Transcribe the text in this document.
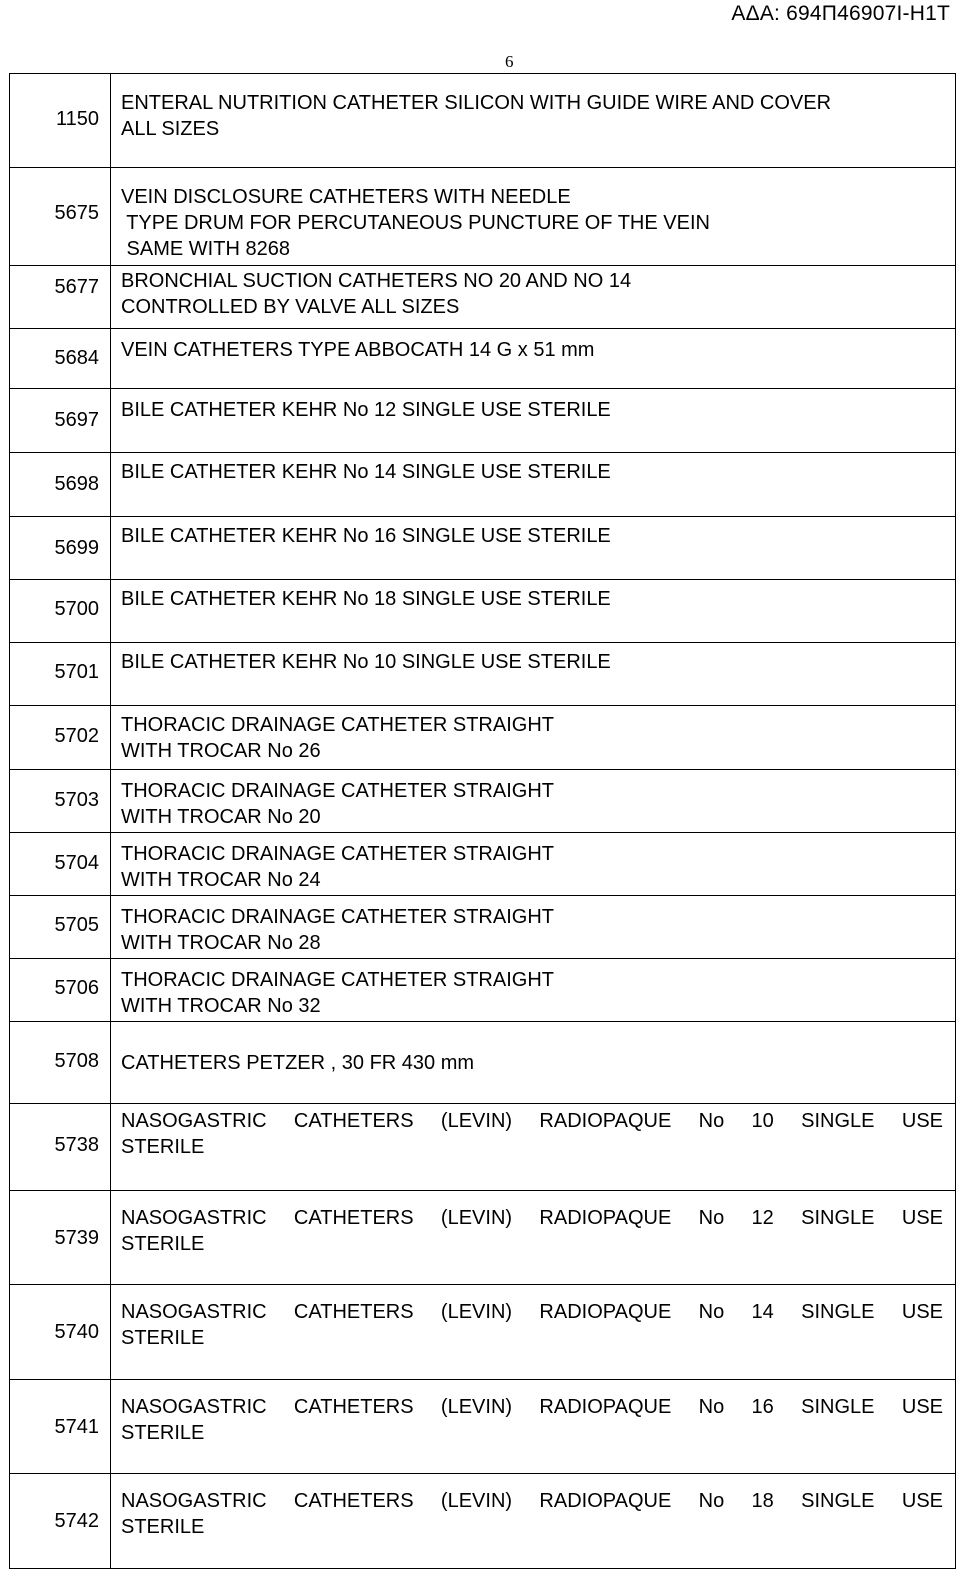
ΑΔΑ: 694Π46907Ι-Η1Τ
6
1150	ENTERAL NUTRITION CATHETER SILICON WITH GUIDE WIRE AND COVER
ALL SIZES

5675	VEIN DISCLOSURE CATHETERS WITH NEEDLE
TYPE DRUM FOR PERCUTANEOUS PUNCTURE OF THE VEIN
SAME WITH 8268

5677	BRONCHIAL SUCTION CATHETERS NO 20 AND NO 14
CONTROLLED BY VALVE ALL SIZES

5684	VEIN CATHETERS TYPE ABBOCATH 14 G x 51 mm

5697	BILE CATHETER KEHR No 12 SINGLE USE STERILE

5698	BILE CATHETER KEHR No 14 SINGLE USE STERILE

5699	BILE CATHETER KEHR No 16 SINGLE USE STERILE

5700	BILE CATHETER KEHR No 18 SINGLE USE STERILE

5701	BILE CATHETER KEHR No 10 SINGLE USE STERILE

5702	THORACIC DRAINAGE CATHETER STRAIGHT
WITH TROCAR No 26

5703	THORACIC DRAINAGE CATHETER STRAIGHT
WITH TROCAR No 20

5704	THORACIC DRAINAGE CATHETER STRAIGHT
WITH TROCAR No 24

5705	THORACIC DRAINAGE CATHETER STRAIGHT
WITH TROCAR No 28

5706	THORACIC DRAINAGE CATHETER STRAIGHT
WITH TROCAR No 32

5708	CATHETERS PETZER , 30 FR 430 mm

5738	NASOGASTRIC CATHETERS (LEVIN) RADIOPAQUE No 10 SINGLE USE
STERILE

5739	NASOGASTRIC CATHETERS (LEVIN) RADIOPAQUE No 12 SINGLE USE
STERILE

5740	NASOGASTRIC CATHETERS (LEVIN) RADIOPAQUE No 14 SINGLE USE
STERILE

5741	NASOGASTRIC CATHETERS (LEVIN) RADIOPAQUE No 16 SINGLE USE
STERILE

5742	NASOGASTRIC CATHETERS (LEVIN) RADIOPAQUE No 18 SINGLE USE
STERILE
